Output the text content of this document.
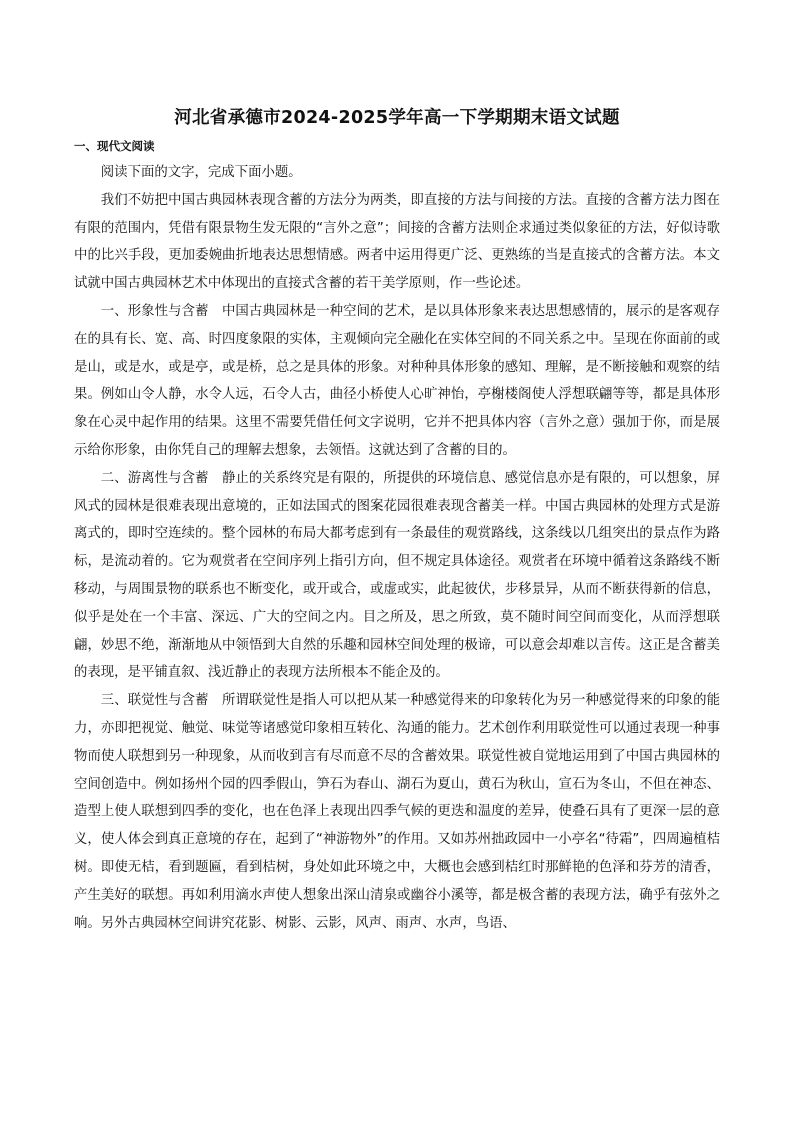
河北省承德市2024-2025学年高一下学期期末语文试题
一、现代文阅读

阅读下面的文字，完成下面小题。

我们不妨把中国古典园林表现含蓄的方法分为两类，即直接的方法与间接的方法。直接的含蓄方法力图在有限的范围内，凭借有限景物生发无限的“言外之意”；间接的含蓄方法则企求通过类似象征的方法，好似诗歌中的比兴手段，更加委婉曲折地表达思想情感。两者中运用得更广泛、更熟练的当是直接式的含蓄方法。本文试就中国古典园林艺术中体现出的直接式含蓄的若干美学原则，作一些论述。

一、形象性与含蓄　中国古典园林是一种空间的艺术，是以具体形象来表达思想感情的，展示的是客观存在的具有长、宽、高、时四度象限的实体，主观倾向完全融化在实体空间的不同关系之中。呈现在你面前的或是山，或是水，或是亭，或是桥，总之是具体的形象。对种种具体形象的感知、理解，是不断接触和观察的结果。例如山令人静，水令人远，石令人古，曲径小桥使人心旷神怡，亭榭楼阁使人浮想联翩等等，都是具体形象在心灵中起作用的结果。这里不需要凭借任何文字说明，它并不把具体内容（言外之意）强加于你，而是展示给你形象，由你凭自己的理解去想象，去领悟。这就达到了含蓄的目的。

二、游离性与含蓄　静止的关系终究是有限的，所提供的环境信息、感觉信息亦是有限的，可以想象，屏风式的园林是很难表现出意境的，正如法国式的图案花园很难表现含蓄美一样。中国古典园林的处理方式是游离式的，即时空连续的。整个园林的布局大都考虑到有一条最佳的观赏路线，这条线以几组突出的景点作为路标，是流动着的。它为观赏者在空间序列上指引方向，但不规定具体途径。观赏者在环境中循着这条路线不断移动，与周围景物的联系也不断变化，或开或合，或虚或实，此起彼伏，步移景异，从而不断获得新的信息，似乎是处在一个丰富、深远、广大的空间之内。目之所及，思之所致，莫不随时间空间而变化，从而浮想联翩，妙思不绝，渐渐地从中领悟到大自然的乐趣和园林空间处理的极谛，可以意会却难以言传。这正是含蓄美的表现，是平铺直叙、浅近静止的表现方法所根本不能企及的。

三、联觉性与含蓄　所谓联觉性是指人可以把从某一种感觉得来的印象转化为另一种感觉得来的印象的能力，亦即把视觉、触觉、味觉等诸感觉印象相互转化、沟通的能力。艺术创作利用联觉性可以通过表现一种事物而使人联想到另一种现象，从而收到言有尽而意不尽的含蓄效果。联觉性被自觉地运用到了中国古典园林的空间创造中。例如扬州个园的四季假山，笋石为春山、湖石为夏山，黄石为秋山，宣石为冬山，不但在神态、造型上使人联想到四季的变化，也在色泽上表现出四季气候的更迭和温度的差异，使叠石具有了更深一层的意义，使人体会到真正意境的存在，起到了“神游物外”的作用。又如苏州拙政园中一小亭名“待霜”，四周遍植桔树。即使无桔，看到题匾，看到桔树，身处如此环境之中，大概也会感到桔红时那鲜艳的色泽和芬芳的清香，产生美好的联想。再如利用滴水声使人想象出深山清泉或幽谷小溪等，都是极含蓄的表现方法，确乎有弦外之响。另外古典园林空间讲究花影、树影、云影，风声、雨声、水声，鸟语、
